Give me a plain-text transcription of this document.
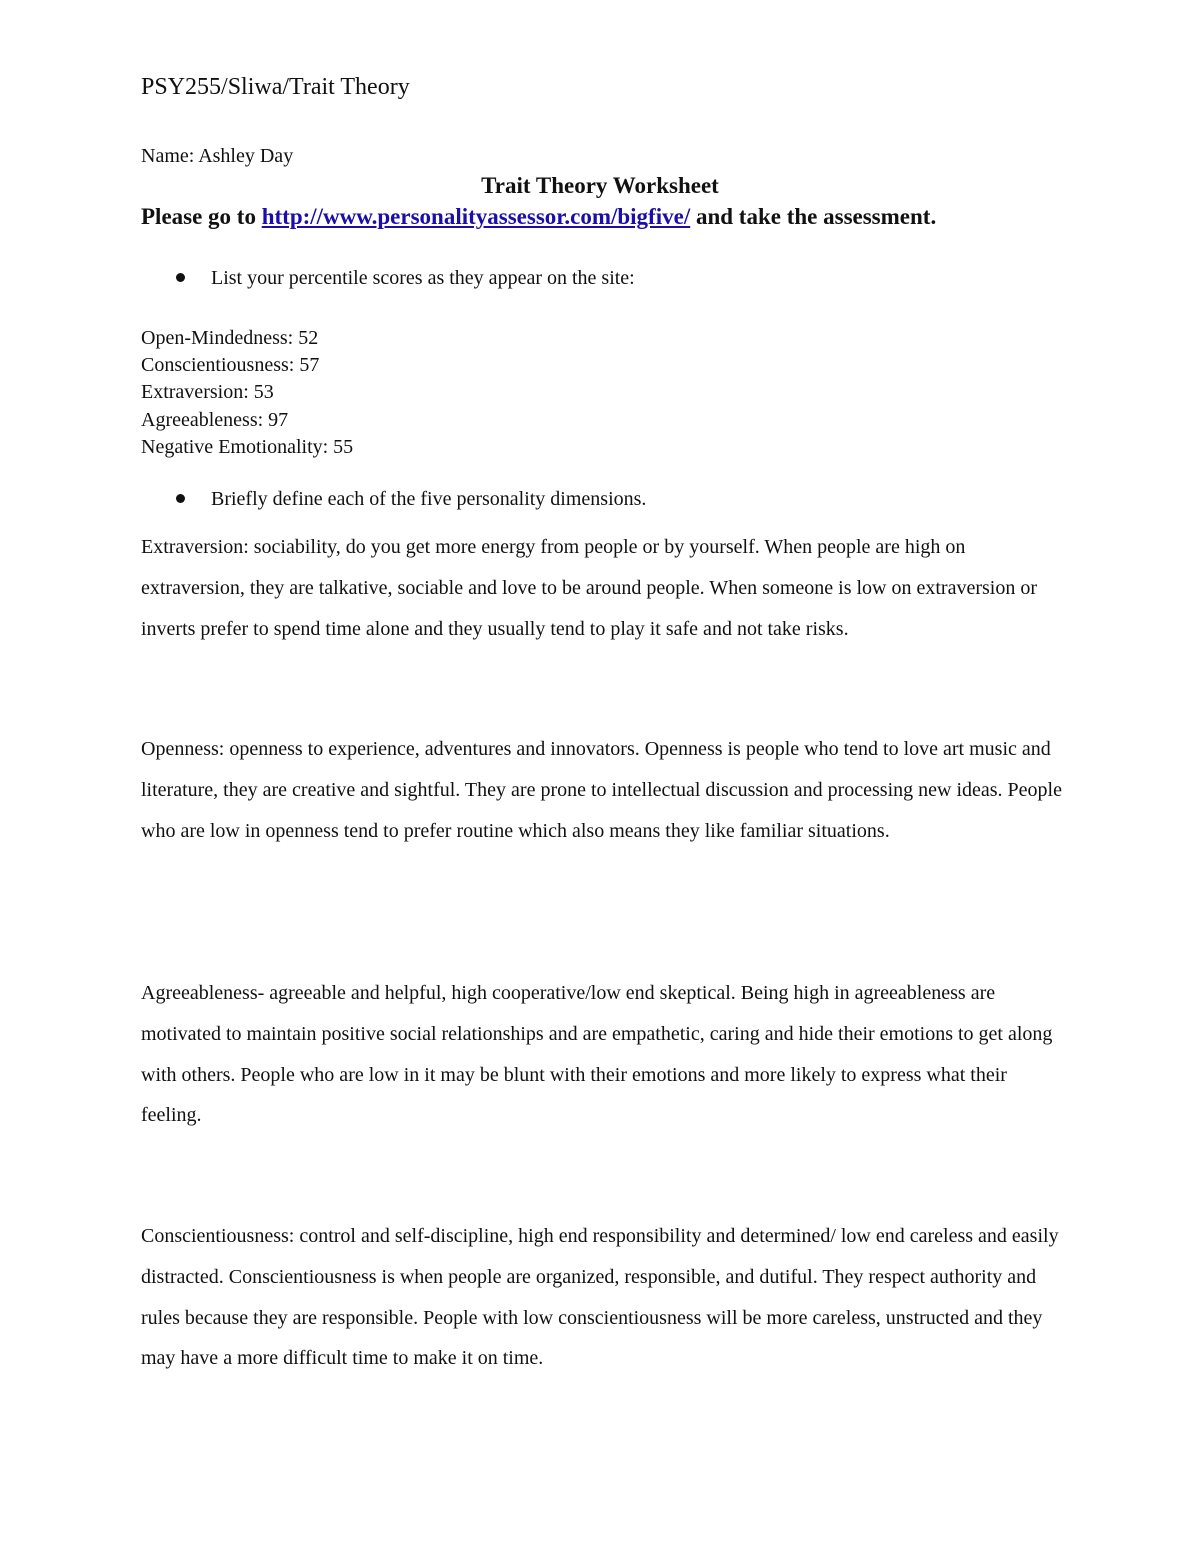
PSY255/Sliwa/Trait Theory
Name: Ashley Day
Trait Theory Worksheet
Please go to http://www.personalityassessor.com/bigfive/ and take the assessment.
List your percentile scores as they appear on the site:
Open-Mindedness: 52
Conscientiousness: 57
Extraversion: 53
Agreeableness: 97
Negative Emotionality: 55
Briefly define each of the five personality dimensions.
Extraversion: sociability, do you get more energy from people or by yourself. When people are high on extraversion, they are talkative, sociable and love to be around people. When someone is low on extraversion or inverts prefer to spend time alone and they usually tend to play it safe and not take risks.
Openness: openness to experience, adventures and innovators. Openness is people who tend to love art music and literature, they are creative and sightful. They are prone to intellectual discussion and processing new ideas. People who are low in openness tend to prefer routine which also means they like familiar situations.
Agreeableness- agreeable and helpful, high cooperative/low end skeptical. Being high in agreeableness are motivated to maintain positive social relationships and are empathetic, caring and hide their emotions to get along with others. People who are low in it may be blunt with their emotions and more likely to express what their feeling.
Conscientiousness: control and self-discipline, high end responsibility and determined/ low end careless and easily distracted. Conscientiousness is when people are organized, responsible, and dutiful. They respect authority and rules because they are responsible. People with low conscientiousness will be more careless, unstructed and they may have a more difficult time to make it on time.
